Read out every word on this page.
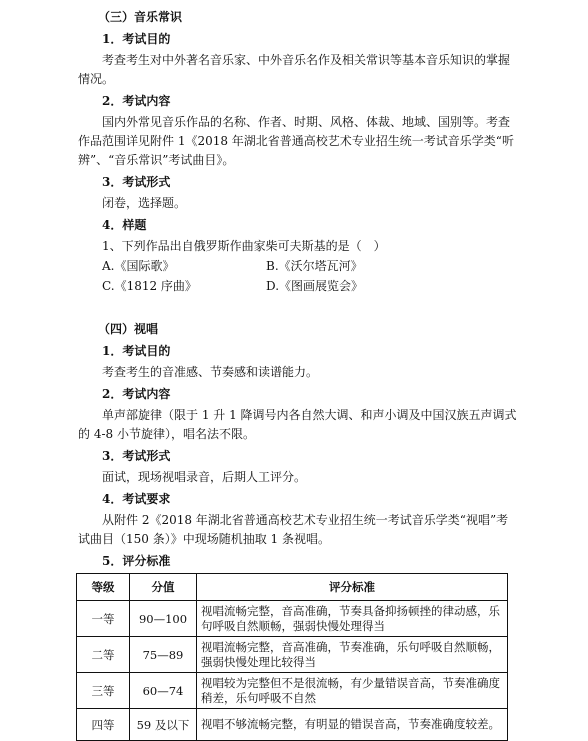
（三）音乐常识
1．考试目的
考查考生对中外著名音乐家、中外音乐名作及相关常识等基本音乐知识的掌握
情况。
2．考试内容
国内外常见音乐作品的名称、作者、时期、风格、体裁、地域、国别等。考查
作品范围详见附件 1《2018 年湖北省普通高校艺术专业招生统一考试音乐学类“听
辨”、“音乐常识”考试曲目》。
3．考试形式
闭卷，选择题。
4．样题
1、下列作品出自俄罗斯作曲家柴可夫斯基的是（　）
A.《国际歌》	B.《沃尔塔瓦河》
C.《1812 序曲》	D.《图画展览会》
（四）视唱
1．考试目的
考查考生的音准感、节奏感和读谱能力。
2．考试内容
单声部旋律（限于 1 升 1 降调号内各自然大调、和声小调及中国汉族五声调式
的 4-8 小节旋律），唱名法不限。
3．考试形式
面试，现场视唱录音，后期人工评分。
4．考试要求
从附件 2《2018 年湖北省普通高校艺术专业招生统一考试音乐学类“视唱”考
试曲目（150 条）》中现场随机抽取 1 条视唱。
5．评分标准
等级	分值	评分标准
一等	90—100	视唱流畅完整，音高准确，节奏具备抑扬顿挫的律动感，乐
句呼吸自然顺畅，强弱快慢处理得当
二等	75—89	视唱流畅完整，音高准确，节奏准确，乐句呼吸自然顺畅，
强弱快慢处理比较得当
三等	60—74	视唱较为完整但不是很流畅，有少量错误音高，节奏准确度
稍差，乐句呼吸不自然
四等	59 及以下	视唱不够流畅完整，有明显的错误音高，节奏准确度较差。
